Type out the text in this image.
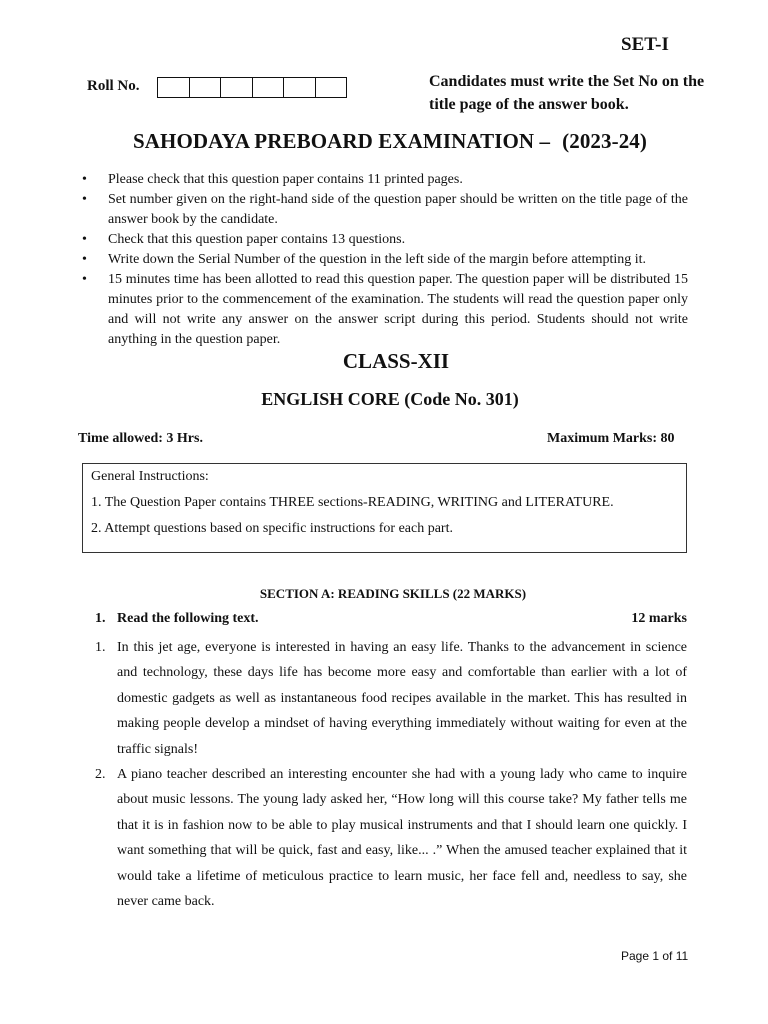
SET-I
Roll No.	Candidates must write the Set No on the title page of the answer book.
SAHODAYA PREBOARD EXAMINATION – (2023-24)
• Please check that this question paper contains 11 printed pages.
• Set number given on the right-hand side of the question paper should be written on the title page of the answer book by the candidate.
• Check that this question paper contains 13 questions.
• Write down the Serial Number of the question in the left side of the margin before attempting it.
• 15 minutes time has been allotted to read this question paper. The question paper will be distributed 15 minutes prior to the commencement of the examination. The students will read the question paper only and will not write any answer on the answer script during this period. Students should not write anything in the question paper.
CLASS-XII
ENGLISH CORE (Code No. 301)
Time allowed: 3 Hrs.	Maximum Marks: 80

General Instructions:

1. The Question Paper contains THREE sections-READING, WRITING and LITERATURE.

2. Attempt questions based on specific instructions for each part.

SECTION A: READING SKILLS (22 MARKS)
1. Read the following text.	12 marks
1. In this jet age, everyone is interested in having an easy life. Thanks to the advancement in science and technology, these days life has become more easy and comfortable than earlier with a lot of domestic gadgets as well as instantaneous food recipes available in the market. This has resulted in making people develop a mindset of having everything immediately without waiting for even at the traffic signals!
2. A piano teacher described an interesting encounter she had with a young lady who came to inquire about music lessons. The young lady asked her, “How long will this course take? My father tells me that it is in fashion now to be able to play musical instruments and that I should learn one quickly. I want something that will be quick, fast and easy, like... .” When the amused teacher explained that it would take a lifetime of meticulous practice to learn music, her face fell and, needless to say, she never came back.
Page 1 of 11
